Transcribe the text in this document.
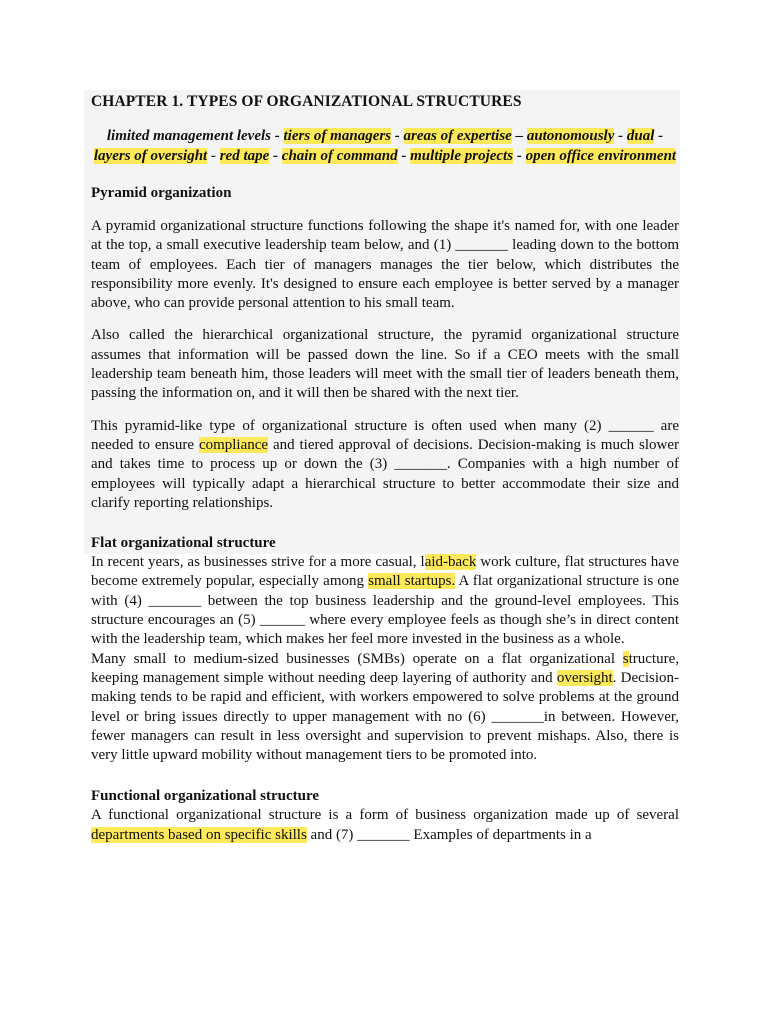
CHAPTER 1. TYPES OF ORGANIZATIONAL STRUCTURES
limited management levels - tiers of managers - areas of expertise – autonomously - dual - layers of oversight - red tape - chain of command - multiple projects - open office environment
Pyramid organization

A pyramid organizational structure functions following the shape it's named for, with one leader at the top, a small executive leadership team below, and (1) _______ leading down to the bottom team of employees. Each tier of managers manages the tier below, which distributes the responsibility more evenly. It's designed to ensure each employee is better served by a manager above, who can provide personal attention to his small team.

Also called the hierarchical organizational structure, the pyramid organizational structure assumes that information will be passed down the line. So if a CEO meets with the small leadership team beneath him, those leaders will meet with the small tier of leaders beneath them, passing the information on, and it will then be shared with the next tier.

This pyramid-like type of organizational structure is often used when many (2) ______ are needed to ensure compliance and tiered approval of decisions. Decision-making is much slower and takes time to process up or down the (3) _______. Companies with a high number of employees will typically adapt a hierarchical structure to better accommodate their size and clarify reporting relationships.

Flat organizational structure

In recent years, as businesses strive for a more casual, laid-back work culture, flat structures have become extremely popular, especially among small startups. A flat organizational structure is one with (4) _______ between the top business leadership and the ground-level employees. This structure encourages an (5) ______ where every employee feels as though she’s in direct content with the leadership team, which makes her feel more invested in the business as a whole.

Many small to medium-sized businesses (SMBs) operate on a flat organizational structure, keeping management simple without needing deep layering of authority and oversight. Decision-making tends to be rapid and efficient, with workers empowered to solve problems at the ground level or bring issues directly to upper management with no (6) _______in between. However, fewer managers can result in less oversight and supervision to prevent mishaps. Also, there is very little upward mobility without management tiers to be promoted into.

Functional organizational structure

A functional organizational structure is a form of business organization made up of several departments based on specific skills and (7) _______ Examples of departments in a
